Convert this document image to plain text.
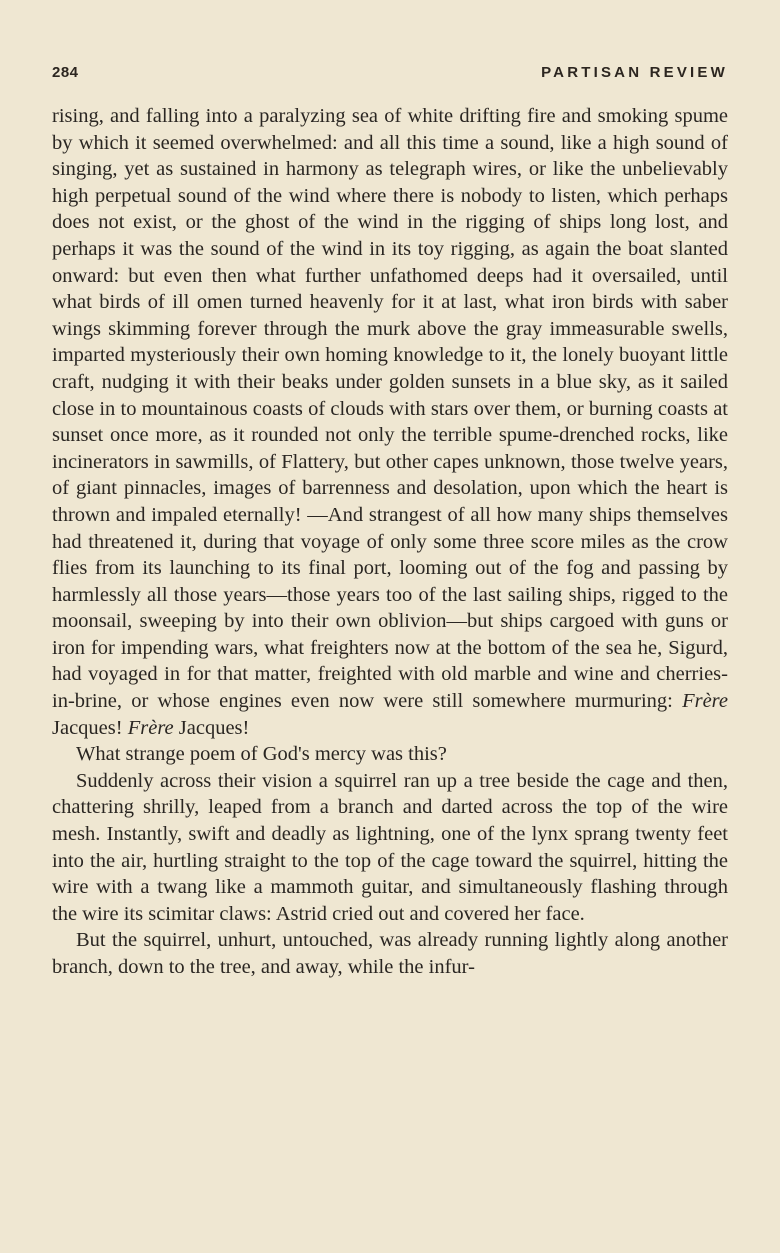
284	PARTISAN REVIEW

rising, and falling into a paralyzing sea of white drifting fire and smoking spume by which it seemed overwhelmed: and all this time a sound, like a high sound of singing, yet as sustained in harmony as telegraph wires, or like the unbelievably high perpetual sound of the wind where there is nobody to listen, which perhaps does not exist, or the ghost of the wind in the rigging of ships long lost, and perhaps it was the sound of the wind in its toy rigging, as again the boat slanted onward: but even then what further unfathomed deeps had it oversailed, until what birds of ill omen turned heavenly for it at last, what iron birds with saber wings skimming forever through the murk above the gray immeasurable swells, imparted mysteriously their own homing knowledge to it, the lonely buoyant little craft, nudging it with their beaks under golden sunsets in a blue sky, as it sailed close in to mountainous coasts of clouds with stars over them, or burning coasts at sunset once more, as it rounded not only the terrible spume-drenched rocks, like incinerators in sawmills, of Flattery, but other capes unknown, those twelve years, of giant pinnacles, images of barrenness and desolation, upon which the heart is thrown and impaled eternally! —And strangest of all how many ships themselves had threatened it, during that voyage of only some three score miles as the crow flies from its launching to its final port, looming out of the fog and passing by harmlessly all those years—those years too of the last sailing ships, rigged to the moonsail, sweeping by into their own oblivion—but ships cargoed with guns or iron for impending wars, what freighters now at the bottom of the sea he, Sigurd, had voyaged in for that matter, freighted with old marble and wine and cherries-in-brine, or whose engines even now were still somewhere murmuring: Frère Jacques! Frère Jacques!

What strange poem of God's mercy was this?

Suddenly across their vision a squirrel ran up a tree beside the cage and then, chattering shrilly, leaped from a branch and darted across the top of the wire mesh. Instantly, swift and deadly as lightning, one of the lynx sprang twenty feet into the air, hurtling straight to the top of the cage toward the squirrel, hitting the wire with a twang like a mammoth guitar, and simultaneously flashing through the wire its scimitar claws: Astrid cried out and covered her face.

But the squirrel, unhurt, untouched, was already running lightly along another branch, down to the tree, and away, while the infur-
